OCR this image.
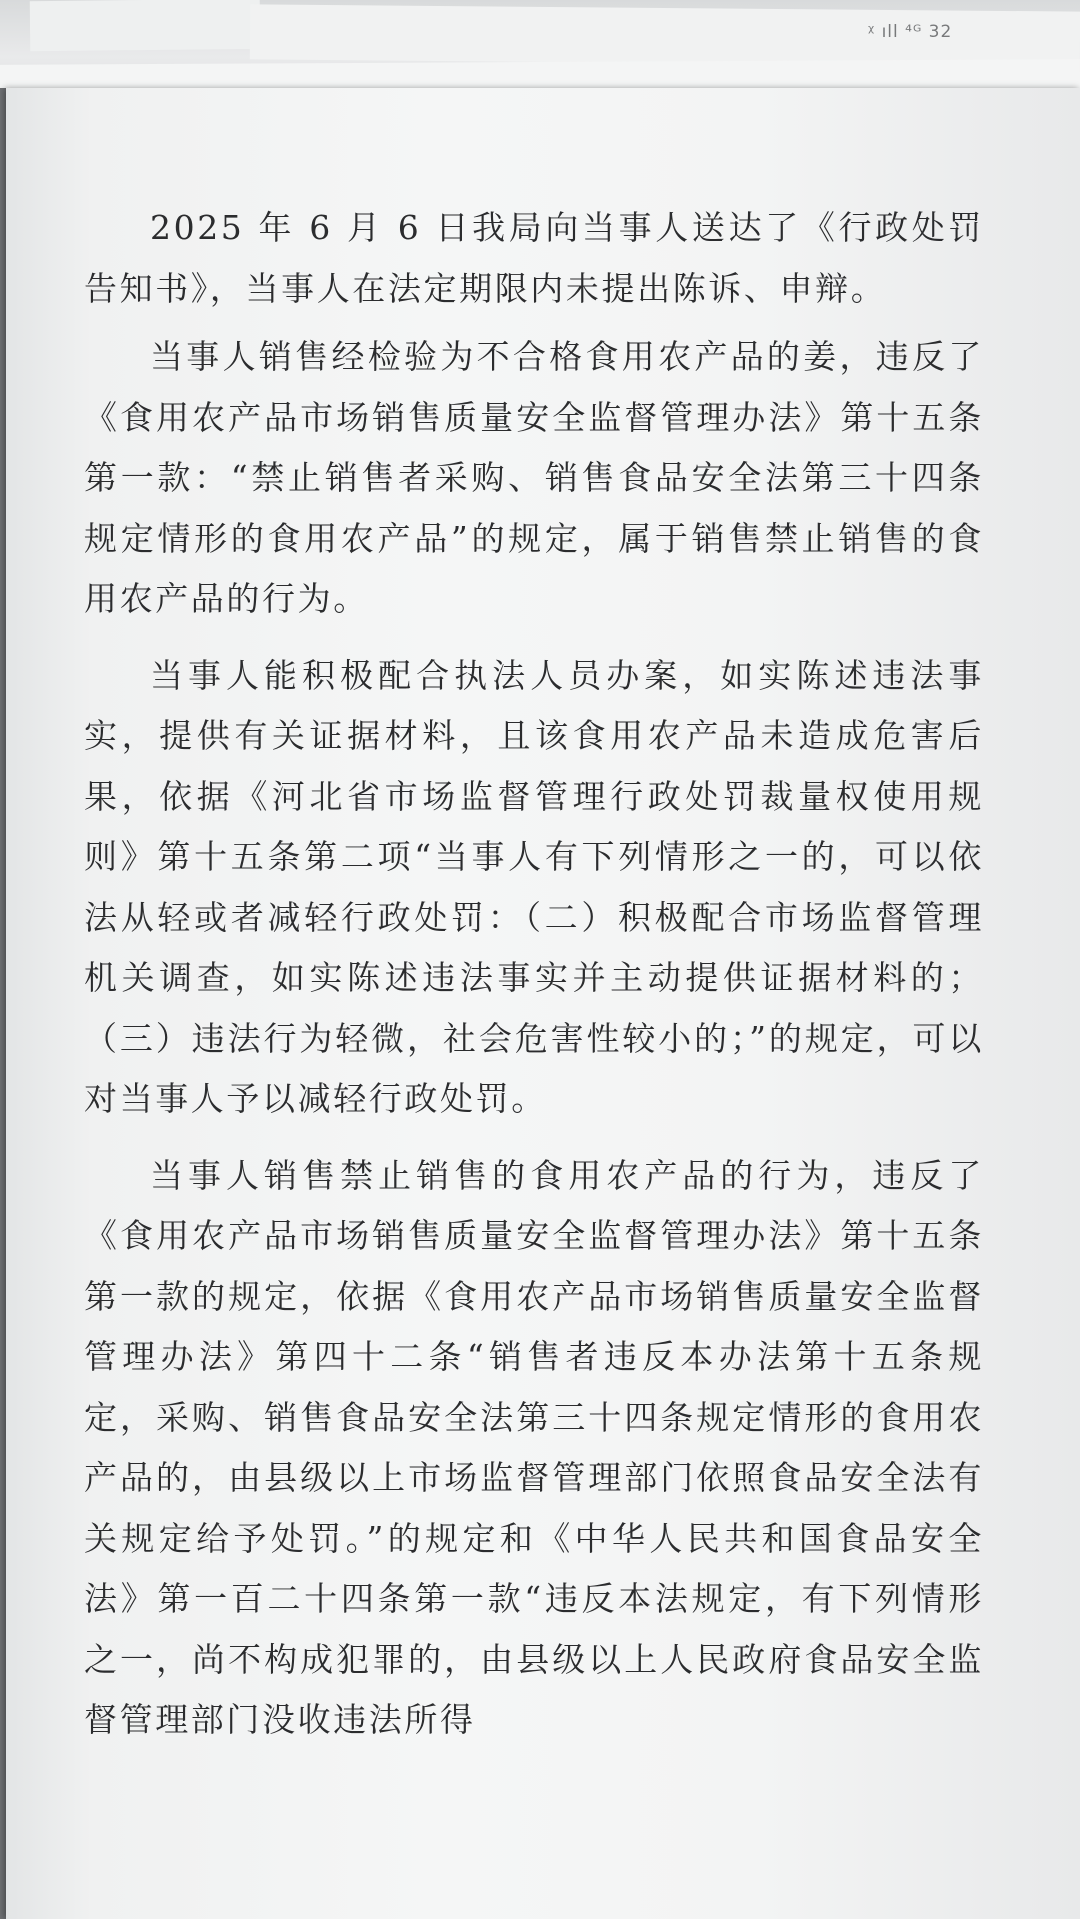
ᵡ ıll ⁴ᴳ 32

2025 年 6 月 6 日我局向当事人送达了《行政处罚告知书》，当事人在法定期限内未提出陈诉、申辩。

当事人销售经检验为不合格食用农产品的姜，违反了《食用农产品市场销售质量安全监督管理办法》第十五条第一款：“禁止销售者采购、销售食品安全法第三十四条规定情形的食用农产品”的规定，属于销售禁止销售的食用农产品的行为。

当事人能积极配合执法人员办案，如实陈述违法事实，提供有关证据材料，且该食用农产品未造成危害后果，依据《河北省市场监督管理行政处罚裁量权使用规则》第十五条第二项“当事人有下列情形之一的，可以依法从轻或者减轻行政处罚：（二）积极配合市场监督管理机关调查，如实陈述违法事实并主动提供证据材料的；（三）违法行为轻微，社会危害性较小的；”的规定，可以对当事人予以减轻行政处罚。

当事人销售禁止销售的食用农产品的行为，违反了《食用农产品市场销售质量安全监督管理办法》第十五条第一款的规定，依据《食用农产品市场销售质量安全监督管理办法》第四十二条“销售者违反本办法第十五条规定，采购、销售食品安全法第三十四条规定情形的食用农产品的，由县级以上市场监督管理部门依照食品安全法有关规定给予处罚。”的规定和《中华人民共和国食品安全法》第一百二十四条第一款“违反本法规定，有下列情形之一，尚不构成犯罪的，由县级以上人民政府食品安全监督管理部门没收违法所得
